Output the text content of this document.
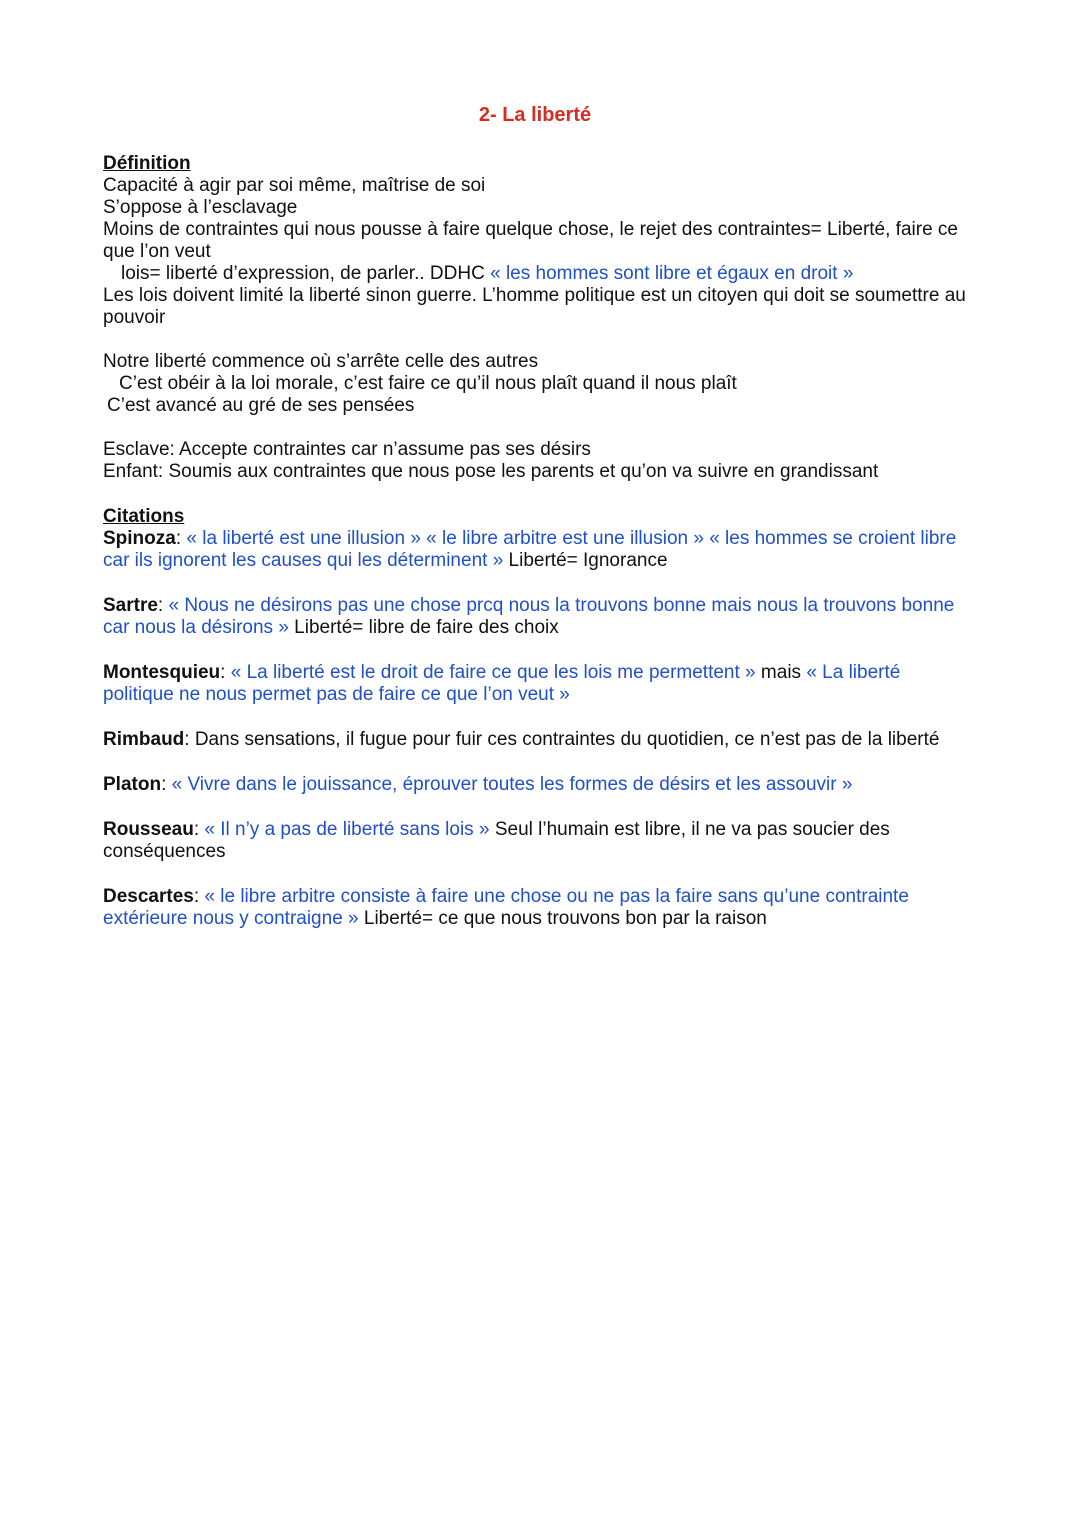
2- La liberté
Définition
Capacité à agir par soi même, maîtrise de soi
S’oppose à l’esclavage
Moins de contraintes qui nous pousse à faire quelque chose, le rejet des contraintes= Liberté, faire ce que l’on veut
lois= liberté d’expression, de parler.. DDHC « les hommes sont libre et égaux en droit »
Les lois doivent limité la liberté sinon guerre. L’homme politique est un citoyen qui doit se soumettre au pouvoir
Notre liberté commence où s’arrête celle des autres
C’est obéir à la loi morale, c’est faire ce qu’il nous plaît quand il nous plaît
C’est avancé au gré de ses pensées
Esclave: Accepte contraintes car n’assume pas ses désirs
Enfant: Soumis aux contraintes que nous pose les parents et qu’on va suivre en grandissant
Citations
Spinoza: « la liberté est une illusion » « le libre arbitre est une illusion » « les hommes se croient libre car ils ignorent les causes qui les déterminent » Liberté= Ignorance
Sartre: « Nous ne désirons pas une chose prcq nous la trouvons bonne mais nous la trouvons bonne car nous la désirons » Liberté= libre de faire des choix
Montesquieu: « La liberté est le droit de faire ce que les lois me permettent » mais « La liberté politique ne nous permet pas de faire ce que l’on veut »
Rimbaud: Dans sensations, il fugue pour fuir ces contraintes du quotidien, ce n’est pas de la liberté
Platon: « Vivre dans le jouissance, éprouver toutes les formes de désirs et les assouvir »
Rousseau: « Il n’y a pas de liberté sans lois » Seul l’humain est libre, il ne va pas soucier des conséquences
Descartes: « le libre arbitre consiste à faire une chose ou ne pas la faire sans qu’une contrainte extérieure nous y contraigne » Liberté= ce que nous trouvons bon par la raison
